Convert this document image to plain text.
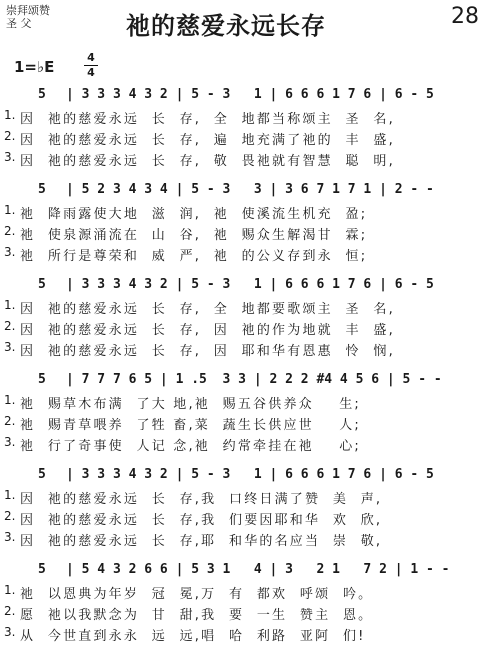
崇拜颂赞
圣 父	祂的慈爱永远长存	28
1=♭E
4
4

5

| 3 3 3 4 3 2 | 5 - 3   1 | 6 6 6 1 7 6 | 6 - 5

1.

因  祂的慈爱永远  长  存,  全  地都当称颂主  圣  名,

2.

因  祂的慈爱永远  长  存,  遍  地充满了祂的  丰  盛,

3.

因  祂的慈爱永远  长  存,  敬  畏祂就有智慧  聪  明,

5

| 5 2 3 4 3 4 | 5 - 3   3 | 3 6 7 1 7 1 | 2 - -

1.

祂  降雨露使大地  滋  润,  祂  使溪流生机充  盈;

2.

祂  使泉源涌流在  山  谷,  祂  赐众生解渴甘  霖;

3.

祂  所行是尊荣和  威  严,  祂  的公义存到永  恒;

5

| 3 3 3 4 3 2 | 5 - 3   1 | 6 6 6 1 7 6 | 6 - 5

1.

因  祂的慈爱永远  长  存,  全  地都要歌颂主  圣  名,

2.

因  祂的慈爱永远  长  存,  因  祂的作为地就  丰  盛,

3.

因  祂的慈爱永远  长  存,  因  耶和华有恩惠  怜  悯,

5

| 7 7 7 6 5 | 1 .5  3 3 | 2 2 2 #4 4 5 6 | 5 - -

1.

祂  赐草木布满  了大 地,祂  赐五谷供养众    生;

2.

祂  赐青草喂养  了牲 畜,菜  蔬生长供应世    人;

3.

祂  行了奇事使  人记 念,祂  约常牵挂在祂    心;

5

| 3 3 3 4 3 2 | 5 - 3   1 | 6 6 6 1 7 6 | 6 - 5

1.

因  祂的慈爱永远  长  存,我  口终日满了赞  美  声,

2.

因  祂的慈爱永远  长  存,我  们要因耶和华  欢  欣,

3.

因  祂的慈爱永远  长  存,耶  和华的名应当  崇  敬,

5

| 5 4 3 2 6 6 | 5 3 1   4 | 3   2 1   7 2 | 1 - -

1.

祂  以恩典为年岁  冠  冕,万  有  都欢  呼颂  吟。

2.

愿  祂以我默念为  甘  甜,我  要  一生  赞主  恩。

3.

从  今世直到永永  远  远,唱  哈  利路  亚阿  们!
